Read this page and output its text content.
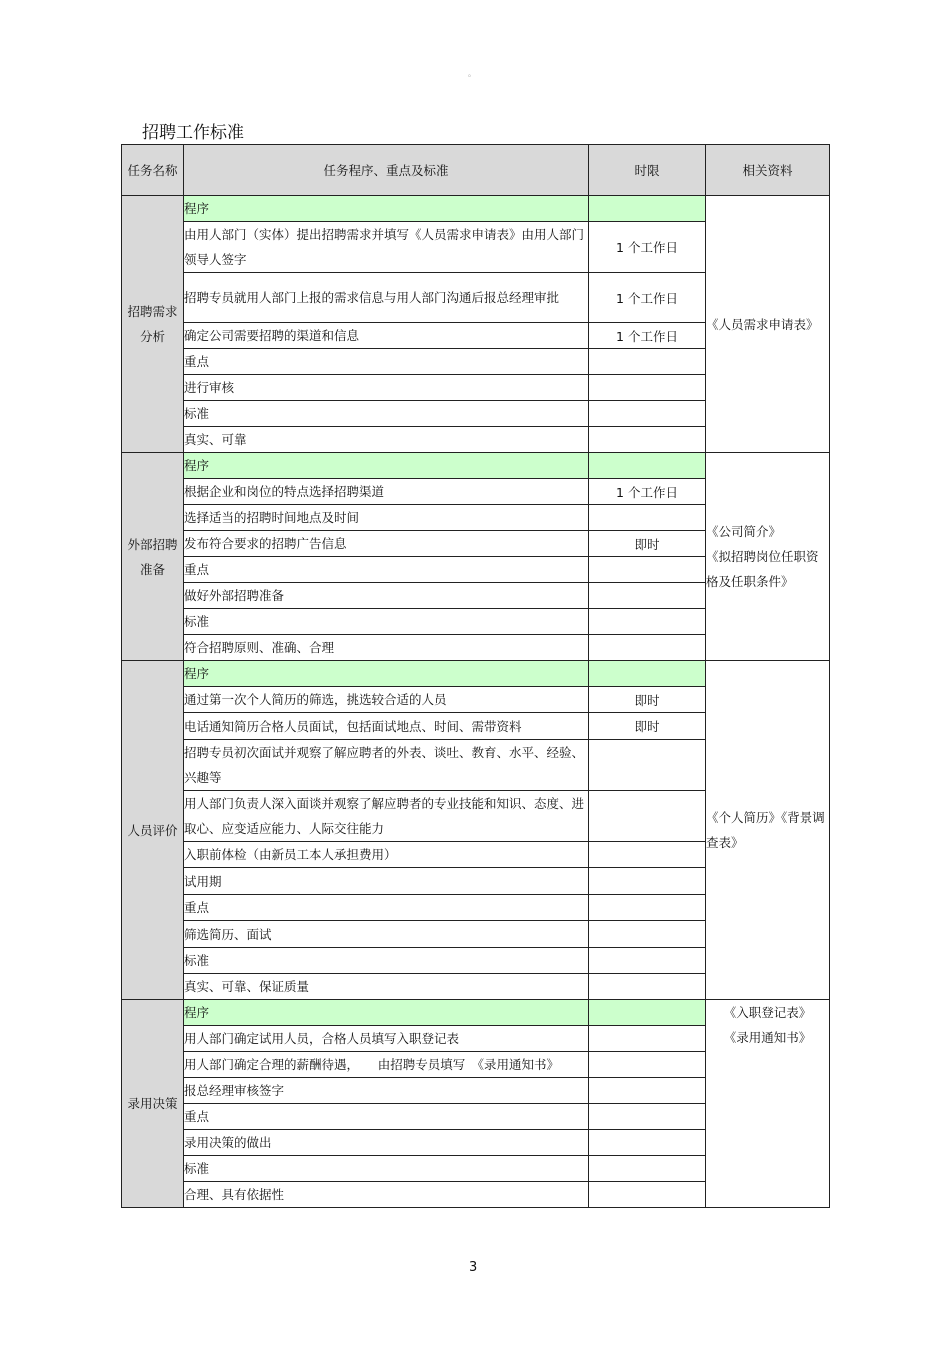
。
招聘工作标准
任务名称	任务程序、重点及标准	时限	相关资料
招聘需求分析	程序		《人员需求申请表》

	由用人部门（实体）提出招聘需求并填写《人员需求申请表》由用人部门领导人签字	1 个工作日	
	招聘专员就用人部门上报的需求信息与用人部门沟通后报总经理审批	1 个工作日	
	确定公司需要招聘的渠道和信息	1 个工作日	
	重点		
	进行审核		
	标准		
	真实、可靠		
外部招聘准备	程序		《公司简介》
《拟招聘岗位任职资格及任职条件》

	根据企业和岗位的特点选择招聘渠道	1 个工作日	
	选择适当的招聘时间地点及时间		
	发布符合要求的招聘广告信息	即时	
	重点		
	做好外部招聘准备		
	标准		
	符合招聘原则、准确、合理		
人员评价	程序		《个人简历》《背景调查表》

	通过第一次个人简历的筛选，挑选较合适的人员	即时	
	电话通知简历合格人员面试，包括面试地点、时间、需带资料	即时	
	招聘专员初次面试并观察了解应聘者的外表、谈吐、教育、水平、经验、兴趣等		
	用人部门负责人深入面谈并观察了解应聘者的专业技能和知识、态度、进取心、应变适应能力、人际交往能力		
	入职前体检（由新员工本人承担费用）		
	试用期		
	重点		
	筛选简历、面试		
	标准		
	真实、可靠、保证质量		
录用决策	程序		《入职登记表》
《录用通知书》

	用人部门确定试用人员，合格人员填写入职登记表		
	用人部门确定合理的薪酬待遇，　　由招聘专员填写　《录用通知书》		
	报总经理审核签字		
	重点		
	录用决策的做出		
	标准		
	合理、具有依据性		
3
